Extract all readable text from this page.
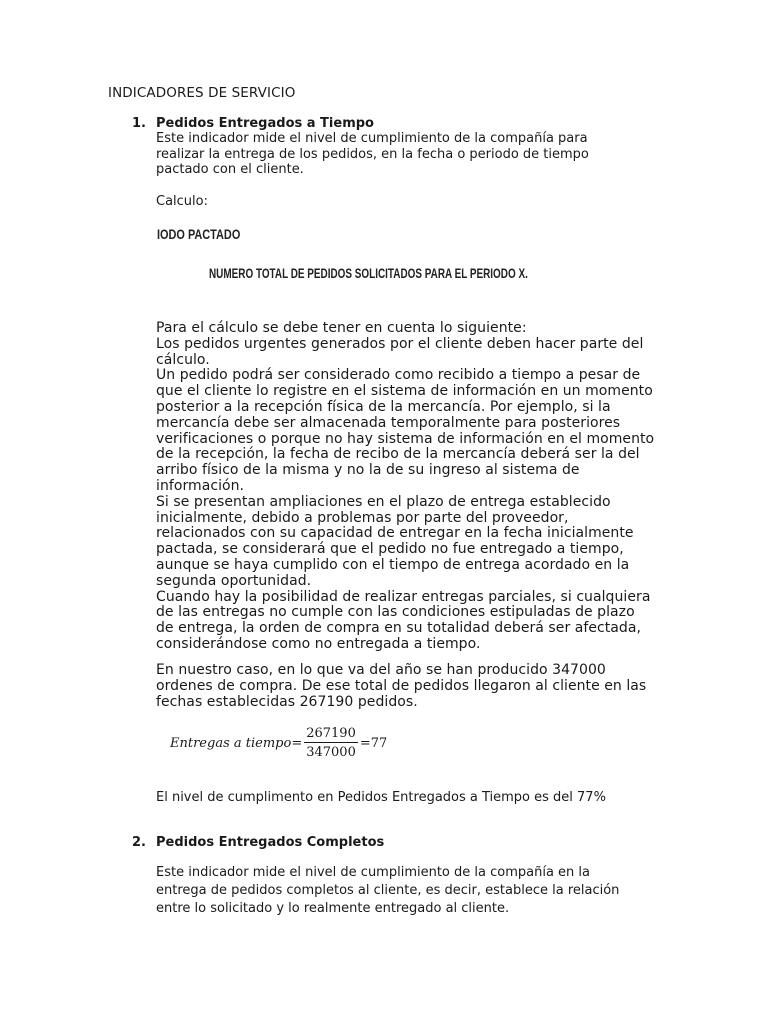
INDICADORES DE SERVICIO
1. Pedidos Entregados a Tiempo
Este indicador mide el nivel de cumplimiento de la compañía para
realizar la entrega de los pedidos, en la fecha o periodo de tiempo
pactado con el cliente.
Calculo:
IODO PACTADO
NUMERO TOTAL DE PEDIDOS SOLICITADOS PARA EL PERIODO X.
Para el cálculo se debe tener en cuenta lo siguiente:
Los pedidos urgentes generados por el cliente deben hacer parte del
cálculo.
Un pedido podrá ser considerado como recibido a tiempo a pesar de
que el cliente lo registre en el sistema de información en un momento
posterior a la recepción física de la mercancía. Por ejemplo, si la
mercancía debe ser almacenada temporalmente para posteriores
verificaciones o porque no hay sistema de información en el momento
de la recepción, la fecha de recibo de la mercancía deberá ser la del
arribo físico de la misma y no la de su ingreso al sistema de
información.
Si se presentan ampliaciones en el plazo de entrega establecido
inicialmente, debido a problemas por parte del proveedor,
relacionados con su capacidad de entregar en la fecha inicialmente
pactada, se considerará que el pedido no fue entregado a tiempo,
aunque se haya cumplido con el tiempo de entrega acordado en la
segunda oportunidad.
Cuando hay la posibilidad de realizar entregas parciales, si cualquiera
de las entregas no cumple con las condiciones estipuladas de plazo
de entrega, la orden de compra en su totalidad deberá ser afectada,
considerándose como no entregada a tiempo.
En nuestro caso, en lo que va del año se han producido 347000
ordenes de compra. De ese total de pedidos llegaron al cliente en las
fechas establecidas 267190 pedidos.
Entregas a tiempo = $\frac{267190}{347000} = 77$
El nivel de cumplimento en Pedidos Entregados a Tiempo es del 77%
2. Pedidos Entregados Completos
Este indicador mide el nivel de cumplimiento de la compañía en la
entrega de pedidos completos al cliente, es decir, establece la relación
entre lo solicitado y lo realmente entregado al cliente.
